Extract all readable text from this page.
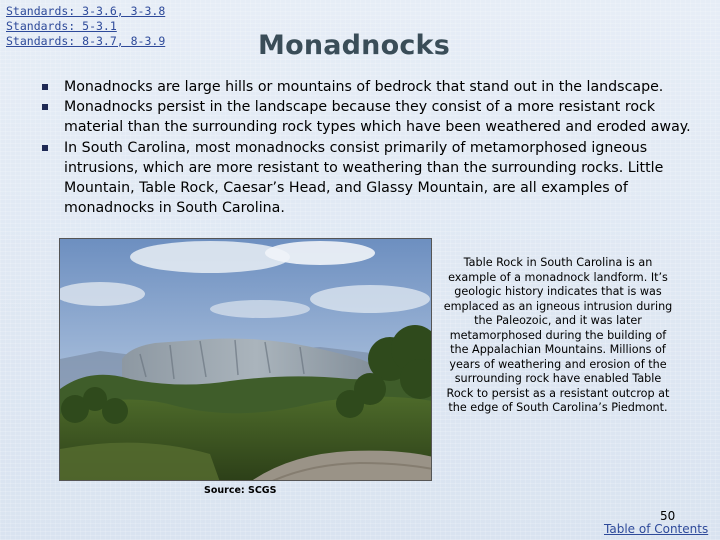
Standards: 3-3.6, 3-3.8
Standards: 5-3.1
Standards: 8-3.7, 8-3.9	Monadnocks
Monadnocks are large hills or mountains of bedrock that stand out in the landscape.
Monadnocks persist in the landscape because they consist of a more resistant rock material than the surrounding rock types which have been weathered and eroded away.
In South Carolina, most monadnocks consist primarily of metamorphosed igneous intrusions, which are more resistant to weathering than the surrounding rocks. Little Mountain, Table Rock, Caesar’s Head, and Glassy Mountain, are all examples of monadnocks in South Carolina.
Table Rock in South Carolina is an example of a monadnock landform. It’s geologic history indicates that is was emplaced as an igneous intrusion during the Paleozoic, and it was later metamorphosed during the building of the Appalachian Mountains. Millions of years of weathering and erosion of the surrounding rock have enabled Table Rock to persist as a resistant outcrop at the edge of South Carolina’s Piedmont.
Source: SCGS
50
Table of Contents
